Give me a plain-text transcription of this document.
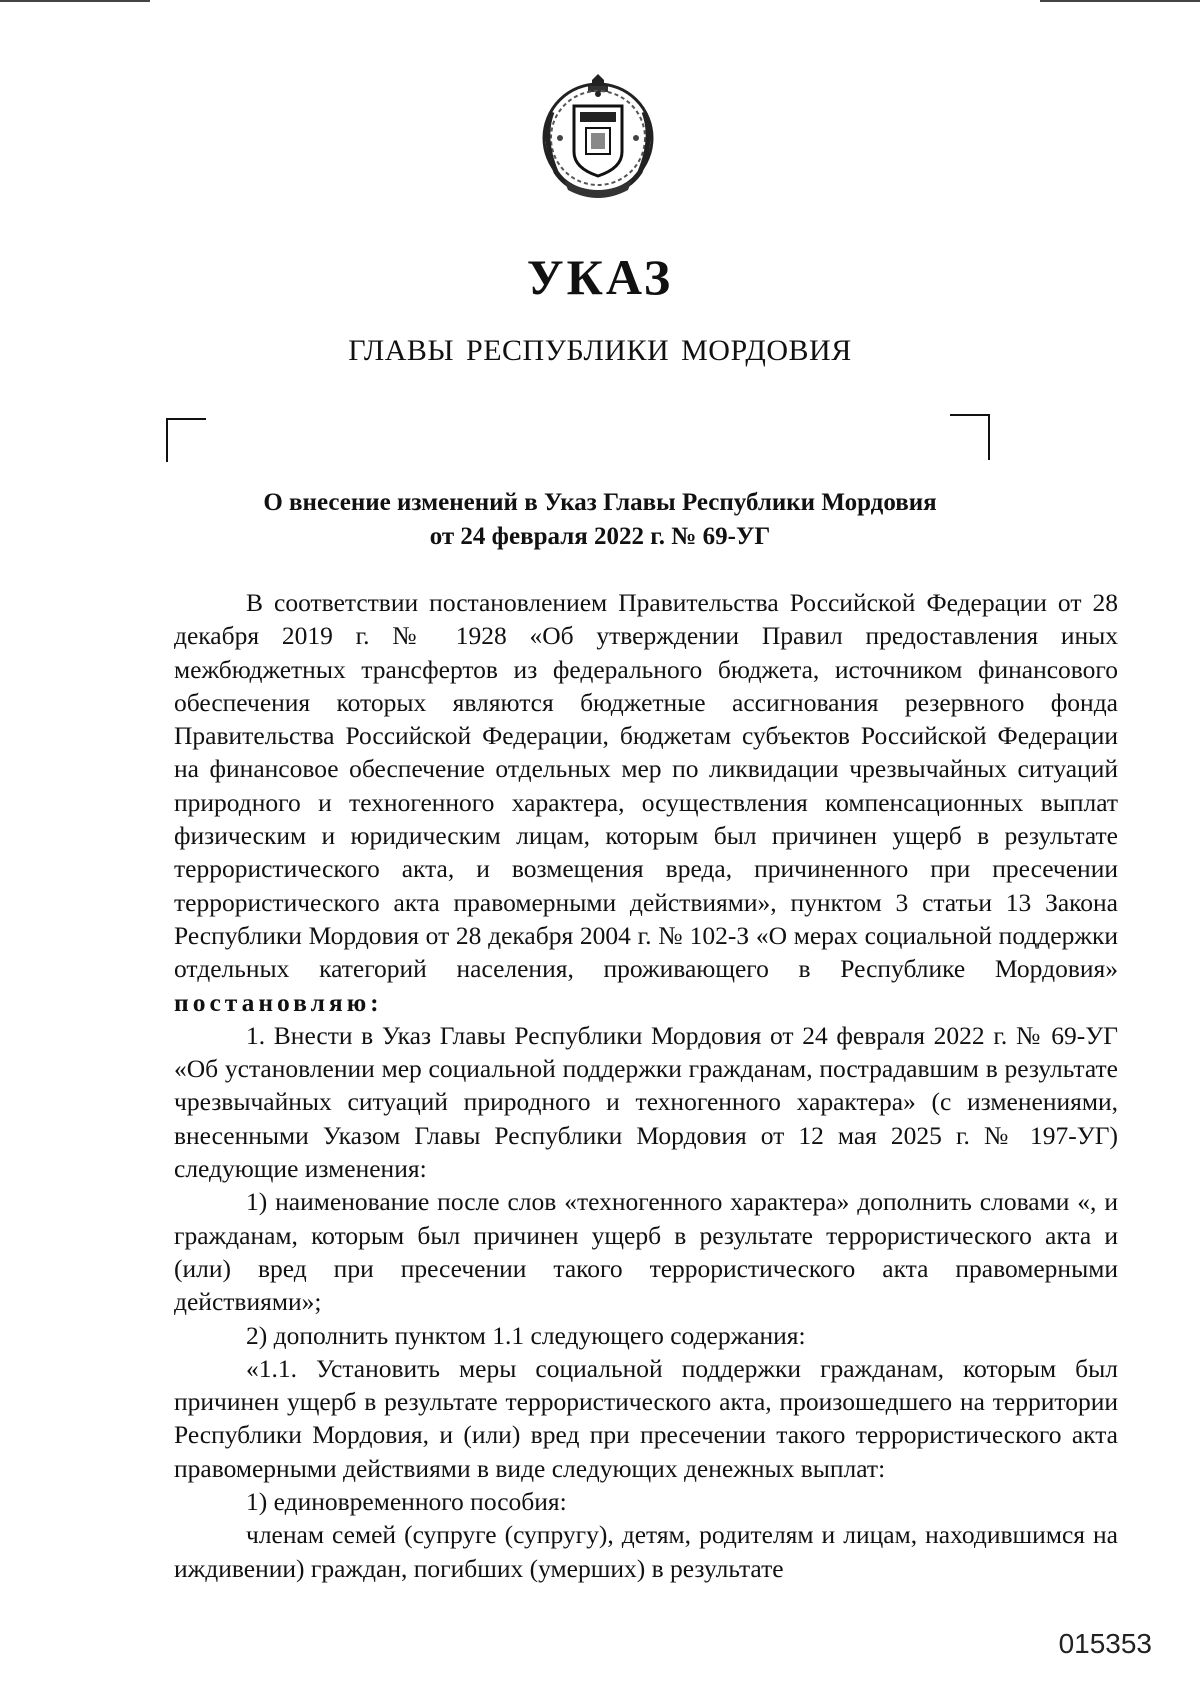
УКАЗ
ГЛАВЫ РЕСПУБЛИКИ МОРДОВИЯ
О внесение изменений в Указ Главы Республики Мордовия
от 24 февраля 2022 г. № 69-УГ

В соответствии постановлением Правительства Российской Федерации от 28 декабря 2019 г. № 1928 «Об утверждении Правил предоставления иных межбюджетных трансфертов из федерального бюджета, источником финансового обеспечения которых являются бюджетные ассигнования резервного фонда Правительства Российской Федерации, бюджетам субъектов Российской Федерации на финансовое обеспечение отдельных мер по ликвидации чрезвычайных ситуаций природного и техногенного характера, осуществления компенсационных выплат физическим и юридическим лицам, которым был причинен ущерб в результате террористического акта, и возмещения вреда, причиненного при пресечении террористического акта правомерными действиями», пунктом 3 статьи 13 Закона Республики Мордовия от 28 декабря 2004 г. № 102-З «О мерах социальной поддержки отдельных категорий населения, проживающего в Республике Мордовия» постановляю:

1. Внести в Указ Главы Республики Мордовия от 24 февраля 2022 г. № 69-УГ «Об установлении мер социальной поддержки гражданам, пострадавшим в результате чрезвычайных ситуаций природного и техногенного характера» (с изменениями, внесенными Указом Главы Республики Мордовия от 12 мая 2025 г. № 197-УГ) следующие изменения:

1) наименование после слов «техногенного характера» дополнить словами «, и гражданам, которым был причинен ущерб в результате террористического акта и (или) вред при пресечении такого террористического акта правомерными действиями»;

2) дополнить пунктом 1.1 следующего содержания:

«1.1. Установить меры социальной поддержки гражданам, которым был причинен ущерб в результате террористического акта, произошедшего на территории Республики Мордовия, и (или) вред при пресечении такого террористического акта правомерными действиями в виде следующих денежных выплат:

1) единовременного пособия:

членам семей (супруге (супругу), детям, родителям и лицам, находившимся на иждивении) граждан, погибших (умерших) в результате

015353
